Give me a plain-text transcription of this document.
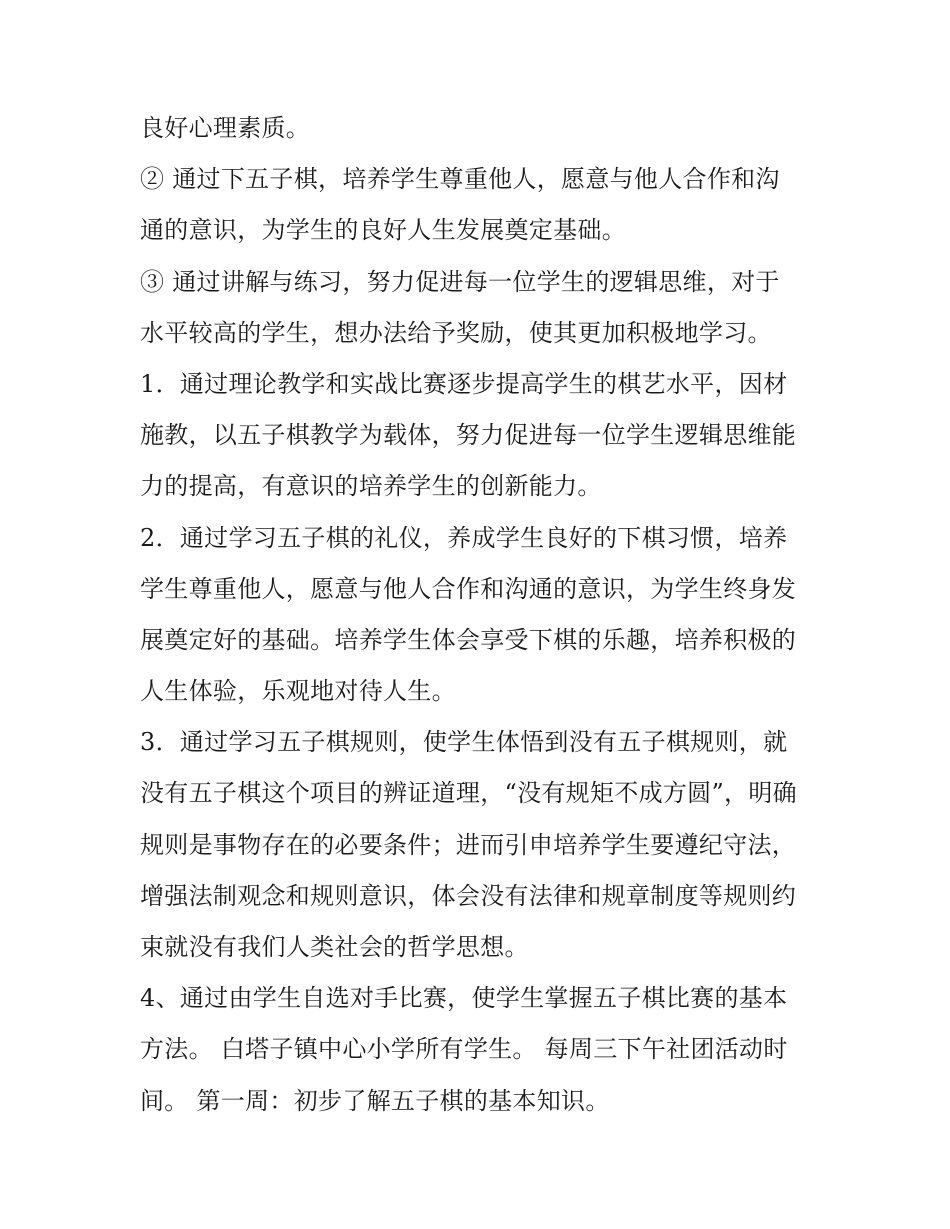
良好心理素质。
② 通过下五子棋，培养学生尊重他人，愿意与他人合作和沟
通的意识，为学生的良好人生发展奠定基础。
③ 通过讲解与练习，努力促进每一位学生的逻辑思维，对于
水平较高的学生，想办法给予奖励，使其更加积极地学习。
1．通过理论教学和实战比赛逐步提高学生的棋艺水平，因材
施教，以五子棋教学为载体，努力促进每一位学生逻辑思维能
力的提高，有意识的培养学生的创新能力。
2．通过学习五子棋的礼仪，养成学生良好的下棋习惯，培养
学生尊重他人，愿意与他人合作和沟通的意识，为学生终身发
展奠定好的基础。培养学生体会享受下棋的乐趣，培养积极的
人生体验，乐观地对待人生。
3．通过学习五子棋规则，使学生体悟到没有五子棋规则，就
没有五子棋这个项目的辨证道理，“没有规矩不成方圆”，明确
规则是事物存在的必要条件；进而引申培养学生要遵纪守法，
增强法制观念和规则意识，体会没有法律和规章制度等规则约
束就没有我们人类社会的哲学思想。
4、通过由学生自选对手比赛，使学生掌握五子棋比赛的基本
方法。 白塔子镇中心小学所有学生。 每周三下午社团活动时
间。 第一周：初步了解五子棋的基本知识。
